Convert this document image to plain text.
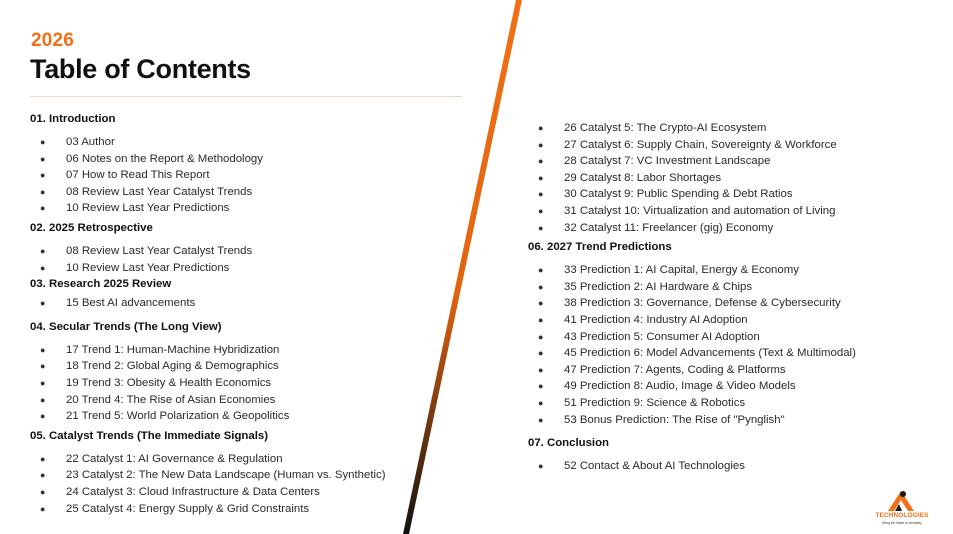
2026
Table of Contents
01. Introduction
● 03 Author
● 06 Notes on the Report & Methodology
● 07 How to Read This Report
● 08 Review Last Year Catalyst Trends
● 10 Review Last Year Predictions
02. 2025 Retrospective
● 08 Review Last Year Catalyst Trends
● 10 Review Last Year Predictions
03. Research 2025 Review
● 15 Best AI advancements
04. Secular Trends (The Long View)
● 17 Trend 1: Human-Machine Hybridization
● 18 Trend 2: Global Aging & Demographics
● 19 Trend 3: Obesity & Health Economics
● 20 Trend 4: The Rise of Asian Economies
● 21 Trend 5: World Polarization & Geopolitics
05. Catalyst Trends (The Immediate Signals)
● 22 Catalyst 1: AI Governance & Regulation
● 23 Catalyst 2: The New Data Landscape (Human vs. Synthetic)
● 24 Catalyst 3: Cloud Infrastructure & Data Centers
● 25 Catalyst 4: Energy Supply & Grid Constraints
● 26 Catalyst 5: The Crypto-AI Ecosystem
● 27 Catalyst 6: Supply Chain, Sovereignty & Workforce
● 28 Catalyst 7: VC Investment Landscape
● 29 Catalyst 8: Labor Shortages
● 30 Catalyst 9: Public Spending & Debt Ratios
● 31 Catalyst 10: Virtualization and automation of Living
● 32 Catalyst 11: Freelancer (gig) Economy
06. 2027 Trend Predictions
● 33 Prediction 1: AI Capital, Energy & Economy
● 35 Prediction 2: AI Hardware & Chips
● 38 Prediction 3: Governance, Defense & Cybersecurity
● 41 Prediction 4: Industry AI Adoption
● 43 Prediction 5: Consumer AI Adoption
● 45 Prediction 6: Model Advancements (Text & Multimodal)
● 47 Prediction 7: Agents, Coding & Platforms
● 49 Prediction 8: Audio, Image & Video Models
● 51 Prediction 9: Science & Robotics
● 53 Bonus Prediction: The Rise of "Pynglish"
07. Conclusion
● 52 Contact & About AI Technologies
TECHNOLOGIES
Bring the future to humanity
